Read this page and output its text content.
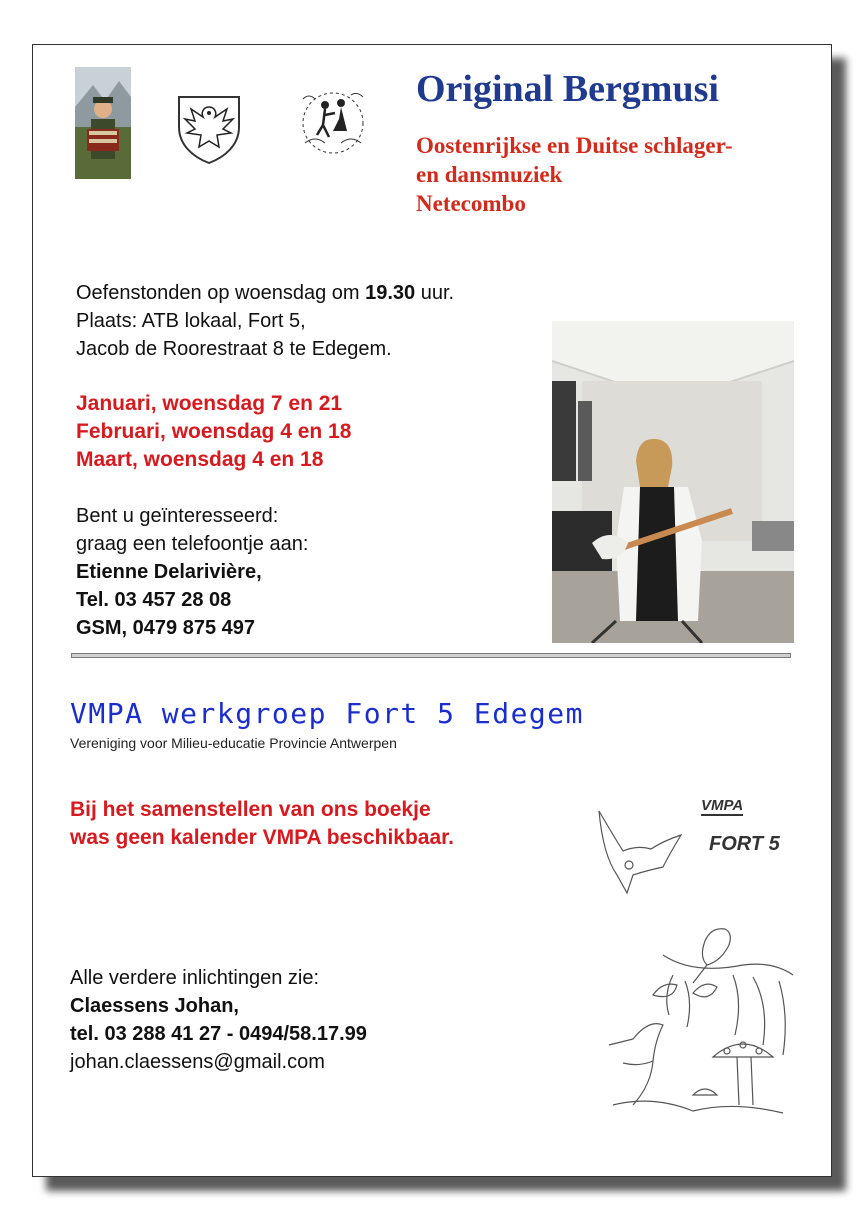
Original Bergmusi
Oostenrijkse en Duitse schlager-
en dansmuziek
Netecombo
Oefenstonden op woensdag om 19.30 uur.
Plaats: ATB lokaal, Fort 5,
Jacob de Roorestraat 8 te Edegem.
Januari, woensdag 7 en 21
Februari, woensdag 4 en 18
Maart, woensdag 4 en 18
Bent u geïnteresseerd:
graag een telefoontje aan:
Etienne Delarivière,
Tel. 03 457 28 08
GSM, 0479 875 497
VMPA werkgroep Fort 5 Edegem
Vereniging voor Milieu-educatie Provincie Antwerpen
Bij het samenstellen van ons boekje
was geen kalender VMPA beschikbaar.
Alle verdere inlichtingen zie:
Claessens Johan,
tel. 03 288 41 27 - 0494/58.17.99
johan.claessens@gmail.com
VMPA
FORT 5
